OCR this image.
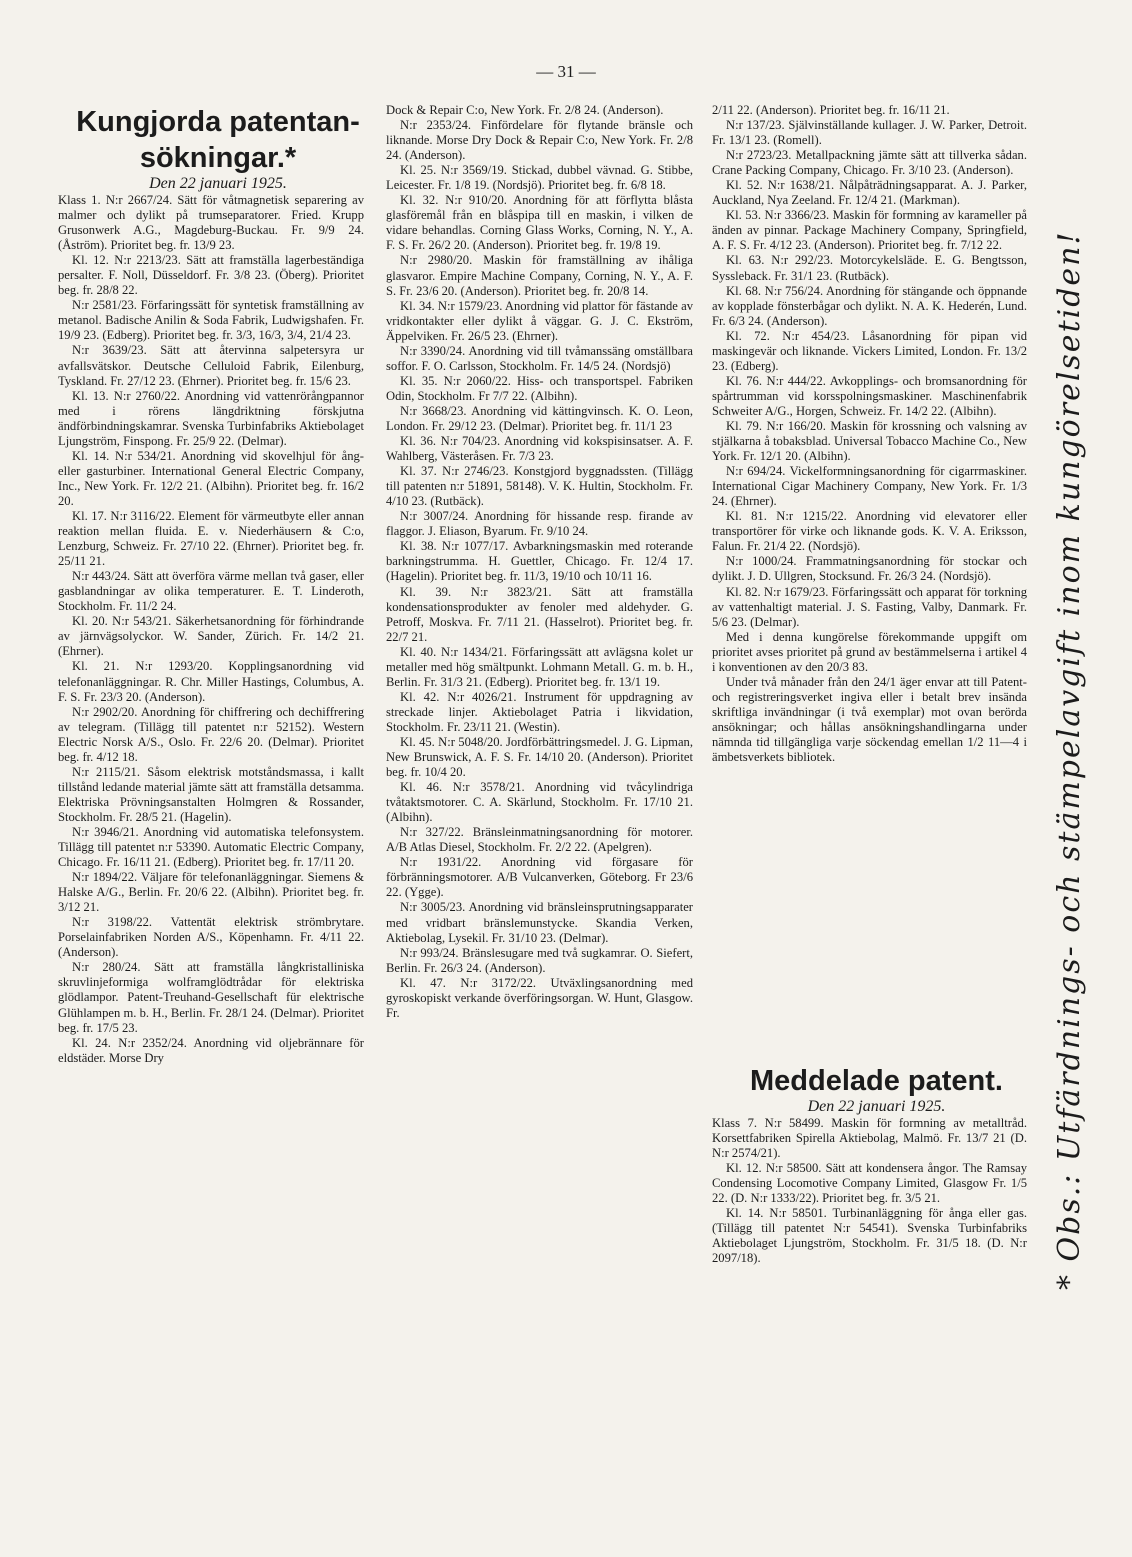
— 31 —

Kungjorda patentan-

sökningar.*

Den 22 januari 1925.

Klass 1. N:r 2667/24. Sätt för våtmagnetisk separering av malmer och dylikt på trumseparatorer. Fried. Krupp Grusonwerk A.G., Magdeburg-Buckau. Fr. 9/9 24. (Åström). Prioritet beg. fr. 13/9 23.

Kl. 12. N:r 2213/23. Sätt att framställa lagerbeständiga persalter. F. Noll, Düsseldorf. Fr. 3/8 23. (Öberg). Prioritet beg. fr. 28/8 22.

N:r 2581/23. Förfaringssätt för syntetisk framställning av metanol. Badische Anilin & Soda Fabrik, Ludwigshafen. Fr. 19/9 23. (Edberg). Prioritet beg. fr. 3/3, 16/3, 3/4, 21/4 23.

N:r 3639/23. Sätt att återvinna salpetersyra ur avfallsvätskor. Deutsche Celluloid Fabrik, Eilenburg, Tyskland. Fr. 27/12 23. (Ehrner). Prioritet beg. fr. 15/6 23.

Kl. 13. N:r 2760/22. Anordning vid vattenrörångpannor med i rörens längdriktning förskjutna ändförbindningskamrar. Svenska Turbinfabriks Aktiebolaget Ljungström, Finspong. Fr. 25/9 22. (Delmar).

Kl. 14. N:r 534/21. Anordning vid skovelhjul för ång- eller gasturbiner. International General Electric Company, Inc., New York. Fr. 12/2 21. (Albihn). Prioritet beg. fr. 16/2 20.

Kl. 17. N:r 3116/22. Element för värmeutbyte eller annan reaktion mellan fluida. E. v. Niederhäusern & C:o, Lenzburg, Schweiz. Fr. 27/10 22. (Ehrner). Prioritet beg. fr. 25/11 21.

N:r 443/24. Sätt att överföra värme mellan två gaser, eller gasblandningar av olika temperaturer. E. T. Linderoth, Stockholm. Fr. 11/2 24.

Kl. 20. N:r 543/21. Säkerhetsanordning för förhindrande av järnvägsolyckor. W. Sander, Zürich. Fr. 14/2 21. (Ehrner).

Kl. 21. N:r 1293/20. Kopplingsanordning vid telefonanläggningar. R. Chr. Miller Hastings, Columbus, A. F. S. Fr. 23/3 20. (Anderson).

N:r 2902/20. Anordning för chiffrering och dechiffrering av telegram. (Tillägg till patentet n:r 52152). Western Electric Norsk A/S., Oslo. Fr. 22/6 20. (Delmar). Prioritet beg. fr. 4/12 18.

N:r 2115/21. Såsom elektrisk motståndsmassa, i kallt tillstånd ledande material jämte sätt att framställa detsamma. Elektriska Prövningsanstalten Holmgren & Rossander, Stockholm. Fr. 28/5 21. (Hagelin).

N:r 3946/21. Anordning vid automatiska telefonsystem. Tillägg till patentet n:r 53390. Automatic Electric Company, Chicago. Fr. 16/11 21. (Edberg). Prioritet beg. fr. 17/11 20.

N:r 1894/22. Väljare för telefonanläggningar. Siemens & Halske A/G., Berlin. Fr. 20/6 22. (Albihn). Prioritet beg. fr. 3/12 21.

N:r 3198/22. Vattentät elektrisk strömbrytare. Porselainfabriken Norden A/S., Köpenhamn. Fr. 4/11 22. (Anderson).

N:r 280/24. Sätt att framställa långkristalliniska skruvlinjeformiga wolframglödtrådar för elektriska glödlampor. Patent-Treuhand-Gesellschaft für elektrische Glühlampen m. b. H., Berlin. Fr. 28/1 24. (Delmar). Prioritet beg. fr. 17/5 23.

Kl. 24. N:r 2352/24. Anordning vid oljebrännare för eldstäder. Morse Dry

Dock & Repair C:o, New York. Fr. 2/8 24. (Anderson).

N:r 2353/24. Finfördelare för flytande bränsle och liknande. Morse Dry Dock & Repair C:o, New York. Fr. 2/8 24. (Anderson).

Kl. 25. N:r 3569/19. Stickad, dubbel vävnad. G. Stibbe, Leicester. Fr. 1/8 19. (Nordsjö). Prioritet beg. fr. 6/8 18.

Kl. 32. N:r 910/20. Anordning för att förflytta blåsta glasföremål från en blåspipa till en maskin, i vilken de vidare behandlas. Corning Glass Works, Corning, N. Y., A. F. S. Fr. 26/2 20. (Anderson). Prioritet beg. fr. 19/8 19.

N:r 2980/20. Maskin för framställning av ihåliga glasvaror. Empire Machine Company, Corning, N. Y., A. F. S. Fr. 23/6 20. (Anderson). Prioritet beg. fr. 20/8 14.

Kl. 34. N:r 1579/23. Anordning vid plattor för fästande av vridkontakter eller dylikt å väggar. G. J. C. Ekström, Äppelviken. Fr. 26/5 23. (Ehrner).

N:r 3390/24. Anordning vid till tvåmanssäng omställbara soffor. F. O. Carlsson, Stockholm. Fr. 14/5 24. (Nordsjö)

Kl. 35. N:r 2060/22. Hiss- och transportspel. Fabriken Odin, Stockholm. Fr 7/7 22. (Albihn).

N:r 3668/23. Anordning vid kättingvinsch. K. O. Leon, London. Fr. 29/12 23. (Delmar). Prioritet beg. fr. 11/1 23

Kl. 36. N:r 704/23. Anordning vid kokspisinsatser. A. F. Wahlberg, Västeråsen. Fr. 7/3 23.

Kl. 37. N:r 2746/23. Konstgjord byggnadssten. (Tillägg till patenten n:r 51891, 58148). V. K. Hultin, Stockholm. Fr. 4/10 23. (Rutbäck).

N:r 3007/24. Anordning för hissande resp. firande av flaggor. J. Eliason, Byarum. Fr. 9/10 24.

Kl. 38. N:r 1077/17. Avbarkningsmaskin med roterande barkningstrumma. H. Guettler, Chicago. Fr. 12/4 17. (Hagelin). Prioritet beg. fr. 11/3, 19/10 och 10/11 16.

Kl. 39. N:r 3823/21. Sätt att framställa kondensationsprodukter av fenoler med aldehyder. G. Petroff, Moskva. Fr. 7/11 21. (Hasselrot). Prioritet beg. fr. 22/7 21.

Kl. 40. N:r 1434/21. Förfaringssätt att avlägsna kolet ur metaller med hög smältpunkt. Lohmann Metall. G. m. b. H., Berlin. Fr. 31/3 21. (Edberg). Prioritet beg. fr. 13/1 19.

Kl. 42. N:r 4026/21. Instrument för uppdragning av streckade linjer. Aktiebolaget Patria i likvidation, Stockholm. Fr. 23/11 21. (Westin).

Kl. 45. N:r 5048/20. Jordförbättringsmedel. J. G. Lipman, New Brunswick, A. F. S. Fr. 14/10 20. (Anderson). Prioritet beg. fr. 10/4 20.

Kl. 46. N:r 3578/21. Anordning vid tvåcylindriga tvåtaktsmotorer. C. A. Skärlund, Stockholm. Fr. 17/10 21. (Albihn).

N:r 327/22. Bränsleinmatningsanordning för motorer. A/B Atlas Diesel, Stockholm. Fr. 2/2 22. (Apelgren).

N:r 1931/22. Anordning vid förgasare för förbränningsmotorer. A/B Vulcanverken, Göteborg. Fr 23/6 22. (Ygge).

N:r 3005/23. Anordning vid bränsleinsprutningsapparater med vridbart bränslemunstycke. Skandia Verken, Aktiebolag, Lysekil. Fr. 31/10 23. (Delmar).

N:r 993/24. Bränslesugare med två sugkamrar. O. Siefert, Berlin. Fr. 26/3 24. (Anderson).

Kl. 47. N:r 3172/22. Utväxlingsanordning med gyroskopiskt verkande överföringsorgan. W. Hunt, Glasgow. Fr.

2/11 22. (Anderson). Prioritet beg. fr. 16/11 21.

N:r 137/23. Självinställande kullager. J. W. Parker, Detroit. Fr. 13/1 23. (Romell).

N:r 2723/23. Metallpackning jämte sätt att tillverka sådan. Crane Packing Company, Chicago. Fr. 3/10 23. (Anderson).

Kl. 52. N:r 1638/21. Nålpåträdningsapparat. A. J. Parker, Auckland, Nya Zeeland. Fr. 12/4 21. (Markman).

Kl. 53. N:r 3366/23. Maskin för formning av karameller på änden av pinnar. Package Machinery Company, Springfield, A. F. S. Fr. 4/12 23. (Anderson). Prioritet beg. fr. 7/12 22.

Kl. 63. N:r 292/23. Motorcykelsläde. E. G. Bengtsson, Syssleback. Fr. 31/1 23. (Rutbäck).

Kl. 68. N:r 756/24. Anordning för stängande och öppnande av kopplade fönsterbågar och dylikt. N. A. K. Hederén, Lund. Fr. 6/3 24. (Anderson).

Kl. 72. N:r 454/23. Låsanordning för pipan vid maskingevär och liknande. Vickers Limited, London. Fr. 13/2 23. (Edberg).

Kl. 76. N:r 444/22. Avkopplings- och bromsanordning för spårtrumman vid korsspolningsmaskiner. Maschinenfabrik Schweiter A/G., Horgen, Schweiz. Fr. 14/2 22. (Albihn).

Kl. 79. N:r 166/20. Maskin för krossning och valsning av stjälkarna å tobaksblad. Universal Tobacco Machine Co., New York. Fr. 12/1 20. (Albihn).

N:r 694/24. Vickelformningsanordning för cigarrmaskiner. International Cigar Machinery Company, New York. Fr. 1/3 24. (Ehrner).

Kl. 81. N:r 1215/22. Anordning vid elevatorer eller transportörer för virke och liknande gods. K. V. A. Eriksson, Falun. Fr. 21/4 22. (Nordsjö).

N:r 1000/24. Frammatningsanordning för stockar och dylikt. J. D. Ullgren, Stocksund. Fr. 26/3 24. (Nordsjö).

Kl. 82. N:r 1679/23. Förfaringssätt och apparat för torkning av vattenhaltigt material. J. S. Fasting, Valby, Danmark. Fr. 5/6 23. (Delmar).

Med i denna kungörelse förekommande uppgift om prioritet avses prioritet på grund av bestämmelserna i artikel 4 i konventionen av den 20/3 83.

Under två månader från den 24/1 äger envar att till Patent- och registreringsverket ingiva eller i betalt brev insända skriftliga invändningar (i två exemplar) mot ovan berörda ansökningar; och hållas ansökningshandlingarna under nämnda tid tillgängliga varje söckendag emellan 1/2 11—4 i ämbetsverkets bibliotek.

Meddelade patent.

Den 22 januari 1925.

Klass 7. N:r 58499. Maskin för formning av metalltråd. Korsettfabriken Spirella Aktiebolag, Malmö. Fr. 13/7 21 (D. N:r 2574/21).

Kl. 12. N:r 58500. Sätt att kondensera ångor. The Ramsay Condensing Locomotive Company Limited, Glasgow Fr. 1/5 22. (D. N:r 1333/22). Prioritet beg. fr. 3/5 21.

Kl. 14. N:r 58501. Turbinanläggning för ånga eller gas. (Tillägg till patentet N:r 54541). Svenska Turbinfabriks Aktiebolaget Ljungström, Stockholm. Fr. 31/5 18. (D. N:r 2097/18).	* Obs.: Utfärdnings- och stämpelavgift inom kungörelsetiden!
